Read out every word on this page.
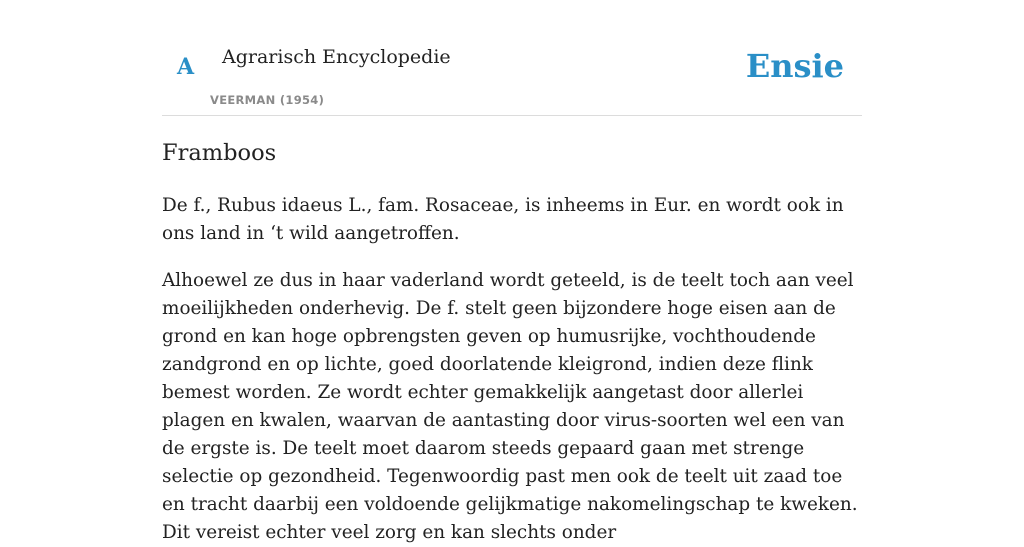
A Agrarisch Encyclopedie
VEERMAN (1954)
Ensie
Framboos

De f., Rubus idaeus L., fam. Rosaceae, is inheems in Eur. en wordt ook in ons land in ‘t wild aangetroffen.

Alhoewel ze dus in haar vaderland wordt geteeld, is de teelt toch aan veel moeilijkheden onderhevig. De f. stelt geen bijzondere hoge eisen aan de grond en kan hoge opbrengsten geven op humusrijke, vochthoudende zandgrond en op lichte, goed doorlatende kleigrond, indien deze flink bemest worden. Ze wordt echter gemakkelijk aangetast door allerlei plagen en kwalen, waarvan de aantasting door virus-soorten wel een van de ergste is. De teelt moet daarom steeds gepaard gaan met strenge selectie op gezondheid. Tegenwoordig past men ook de teelt uit zaad toe en tracht daarbij een voldoende gelijkmatige nakomelingschap te kweken. Dit vereist echter veel zorg en kan slechts onder
